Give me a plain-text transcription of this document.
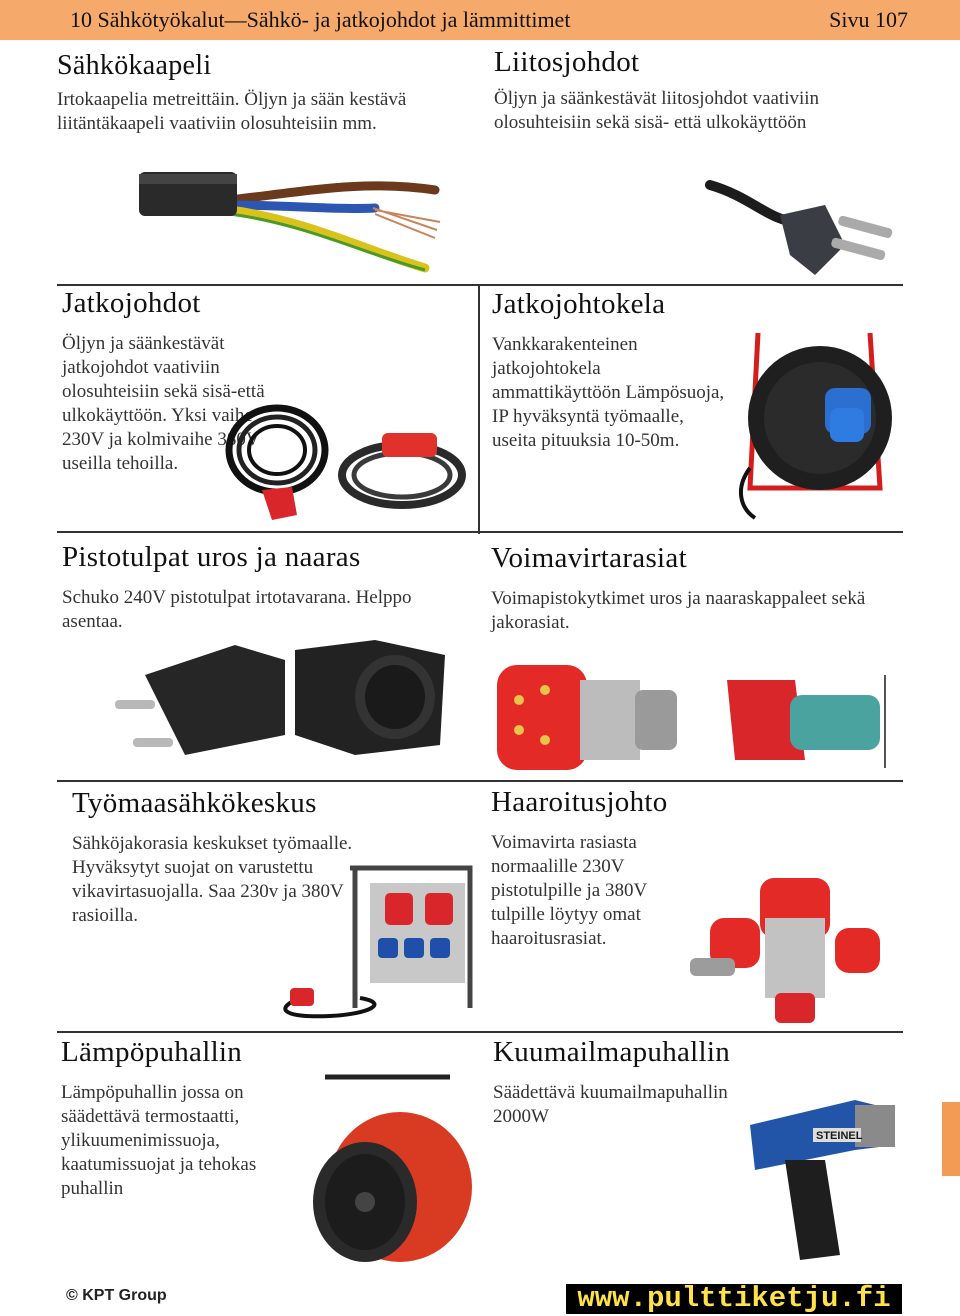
10 Sähkötyökalut—Sähkö- ja jatkojohdot ja lämmittimet	Sivu 107
Sähkökaapeli

Irtokaapelia metreittäin. Öljyn ja sään kestävä liitäntäkaapeli vaativiin olosuhteisiin mm.

Liitosjohdot

Öljyn ja säänkestävät liitosjohdot vaativiin olosuhteisiin sekä sisä- että ulkokäyttöön

Jatkojohdot

Öljyn ja säänkestävät jatkojohdot vaativiin olosuhteisiin sekä sisä-että ulkokäyttöön. Yksi vaihe 230V ja kolmivaihe 380V useilla tehoilla.

Jatkojohtokela

Vankkarakenteinen jatkojohtokela ammattikäyttöön Lämpösuoja, IP hyväksyntä työmaalle, useita pituuksia 10-50m.

Pistotulpat uros ja naaras

Schuko 240V pistotulpat irtotavarana. Helppo asentaa.

Voimavirtarasiat

Voimapistokytkimet uros ja naaraskappaleet sekä jakorasiat.

Työmaasähkökeskus

Sähköjakorasia keskukset työmaalle. Hyväksytyt suojat on varustettu vikavirtasuojalla. Saa 230v ja 380V rasioilla.

Haaroitusjohto

Voimavirta rasiasta normaalille 230V pistotulpille ja 380V tulpille löytyy omat haaroitusrasiat.

Lämpöpuhallin

Lämpöpuhallin jossa on säädettävä termostaatti, ylikuumenimissuoja, kaatumissuojat ja tehokas puhallin

Kuumailmapuhallin

Säädettävä kuumailmapuhallin 2000W

STEINEL
© KPT Group	www.pulttiketju.fi
